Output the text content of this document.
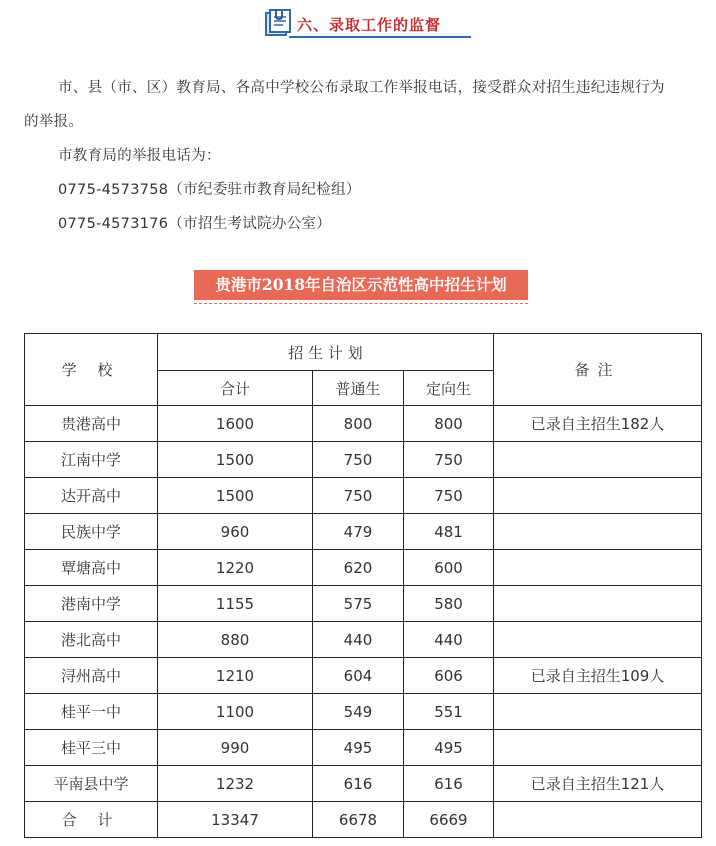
六、录取工作的监督
市、县（市、区）教育局、各高中学校公布录取工作举报电话，接受群众对招生违纪违规行为
的举报。
市教育局的举报电话为：
0775-4573758（市纪委驻市教育局纪检组）
0775-4573176（市招生考试院办公室）
贵港市2018年自治区示范性高中招生计划
学 校	招 生 计 划			备注
	合计	普通生	定向生	
贵港高中	1600	800	800	已录自主招生182人
江南中学	1500	750	750	
达开高中	1500	750	750	
民族中学	960	479	481	
覃塘高中	1220	620	600	
港南中学	1155	575	580	
港北高中	880	440	440	
浔州高中	1210	604	606	已录自主招生109人
桂平一中	1100	549	551	
桂平三中	990	495	495	
平南县中学	1232	616	616	已录自主招生121人
合 计	13347	6678	6669	
